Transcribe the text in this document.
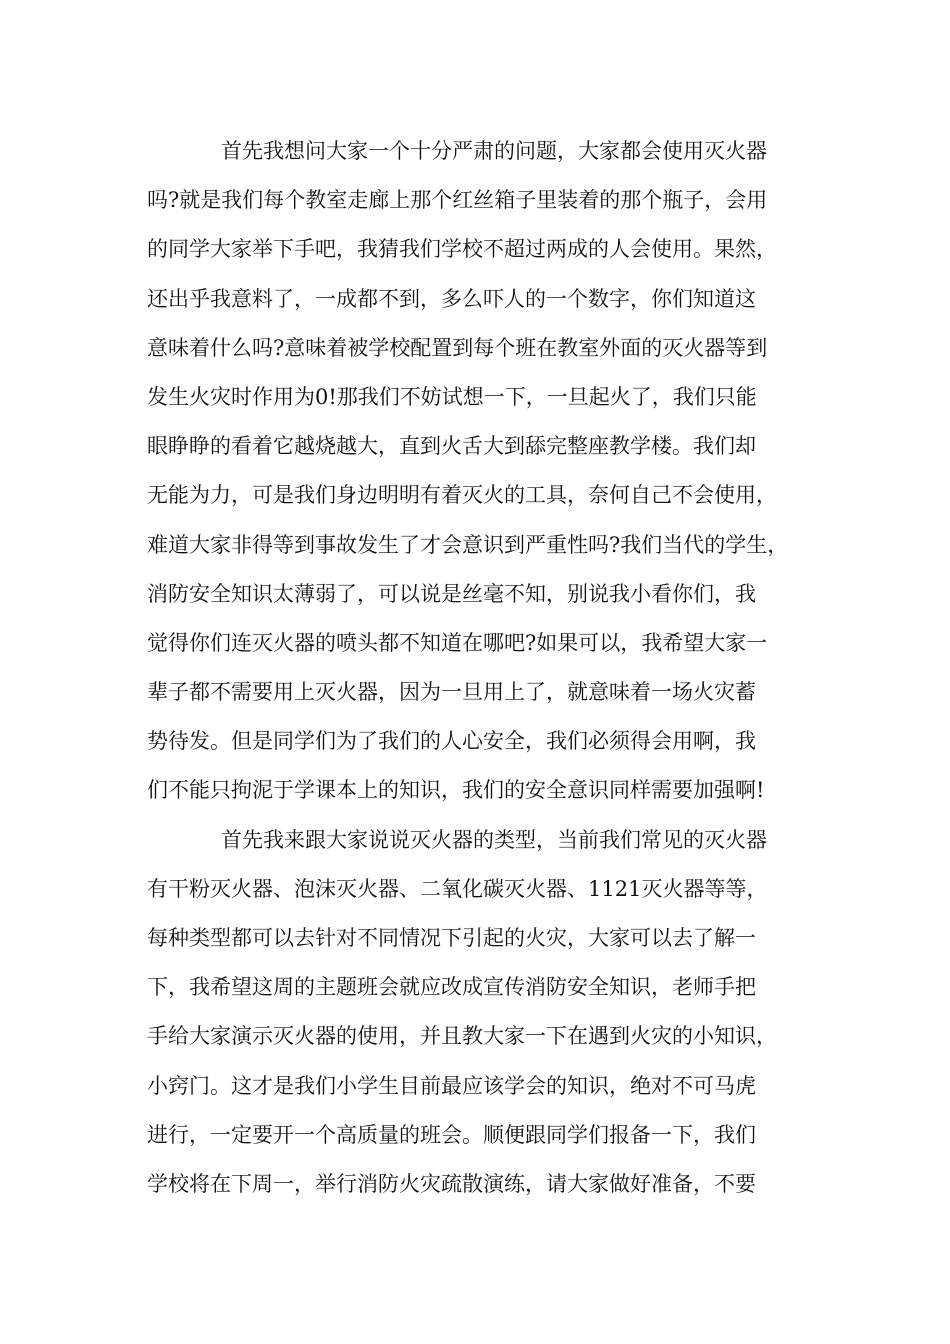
首先我想问大家一个十分严肃的问题，大家都会使用灭火器
吗?就是我们每个教室走廊上那个红丝箱子里装着的那个瓶子，会用
的同学大家举下手吧，我猜我们学校不超过两成的人会使用。果然，
还出乎我意料了，一成都不到，多么吓人的一个数字，你们知道这
意味着什么吗?意味着被学校配置到每个班在教室外面的灭火器等到
发生火灾时作用为0!那我们不妨试想一下，一旦起火了，我们只能
眼睁睁的看着它越烧越大，直到火舌大到舔完整座教学楼。我们却
无能为力，可是我们身边明明有着灭火的工具，奈何自己不会使用，
难道大家非得等到事故发生了才会意识到严重性吗?我们当代的学生，
消防安全知识太薄弱了，可以说是丝毫不知，别说我小看你们，我
觉得你们连灭火器的喷头都不知道在哪吧?如果可以，我希望大家一
辈子都不需要用上灭火器，因为一旦用上了，就意味着一场火灾蓄
势待发。但是同学们为了我们的人心安全，我们必须得会用啊，我
们不能只拘泥于学课本上的知识，我们的安全意识同样需要加强啊!
首先我来跟大家说说灭火器的类型，当前我们常见的灭火器
有干粉灭火器、泡沫灭火器、二氧化碳灭火器、1121灭火器等等，
每种类型都可以去针对不同情况下引起的火灾，大家可以去了解一
下，我希望这周的主题班会就应改成宣传消防安全知识，老师手把
手给大家演示灭火器的使用，并且教大家一下在遇到火灾的小知识，
小窍门。这才是我们小学生目前最应该学会的知识，绝对不可马虎
进行，一定要开一个高质量的班会。顺便跟同学们报备一下，我们
学校将在下周一，举行消防火灾疏散演练，请大家做好准备，不要
